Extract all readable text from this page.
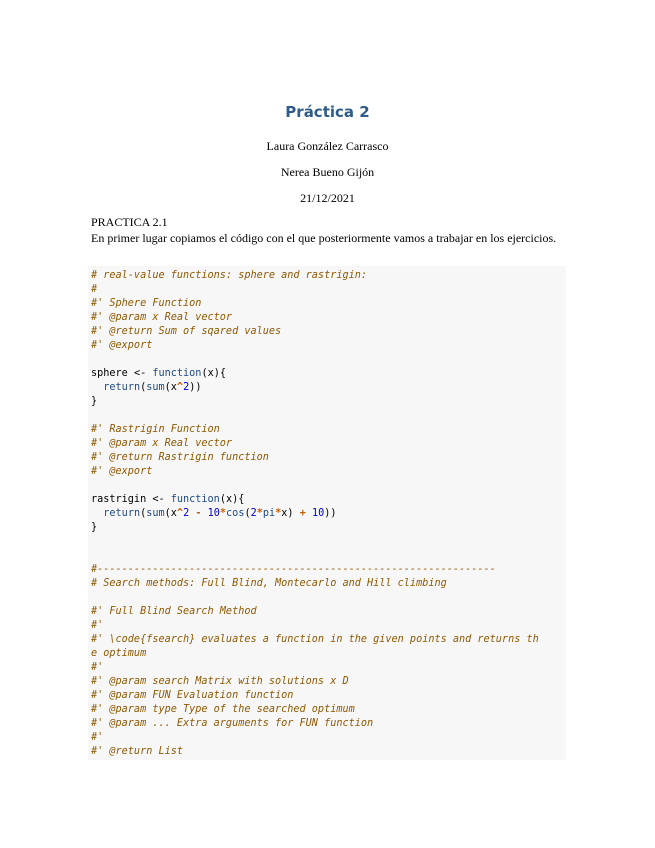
Práctica 2
Laura González Carrasco
Nerea Bueno Gijón
21/12/2021
PRACTICA 2.1
En primer lugar copiamos el código con el que posteriormente vamos a trabajar en los ejercicios.
# real-value functions: sphere and rastrigin:
#
#' Sphere Function
#' @param x Real vector
#' @return Sum of sqared values
#' @export
sphere <- function(x){
return(sum(x^2))
}
#' Rastrigin Function
#' @param x Real vector
#' @return Rastrigin function
#' @export
rastrigin <- function(x){
return(sum(x^2 - 10*cos(2*pi*x) + 10))
}
#-----------------------------------------------------------------
# Search methods: Full Blind, Montecarlo and Hill climbing
#' Full Blind Search Method
#'
#' \code{fsearch} evaluates a function in the given points and returns th
e optimum
#'
#' @param search Matrix with solutions x D
#' @param FUN Evaluation function
#' @param type Type of the searched optimum
#' @param ... Extra arguments for FUN function
#'
#' @return List
